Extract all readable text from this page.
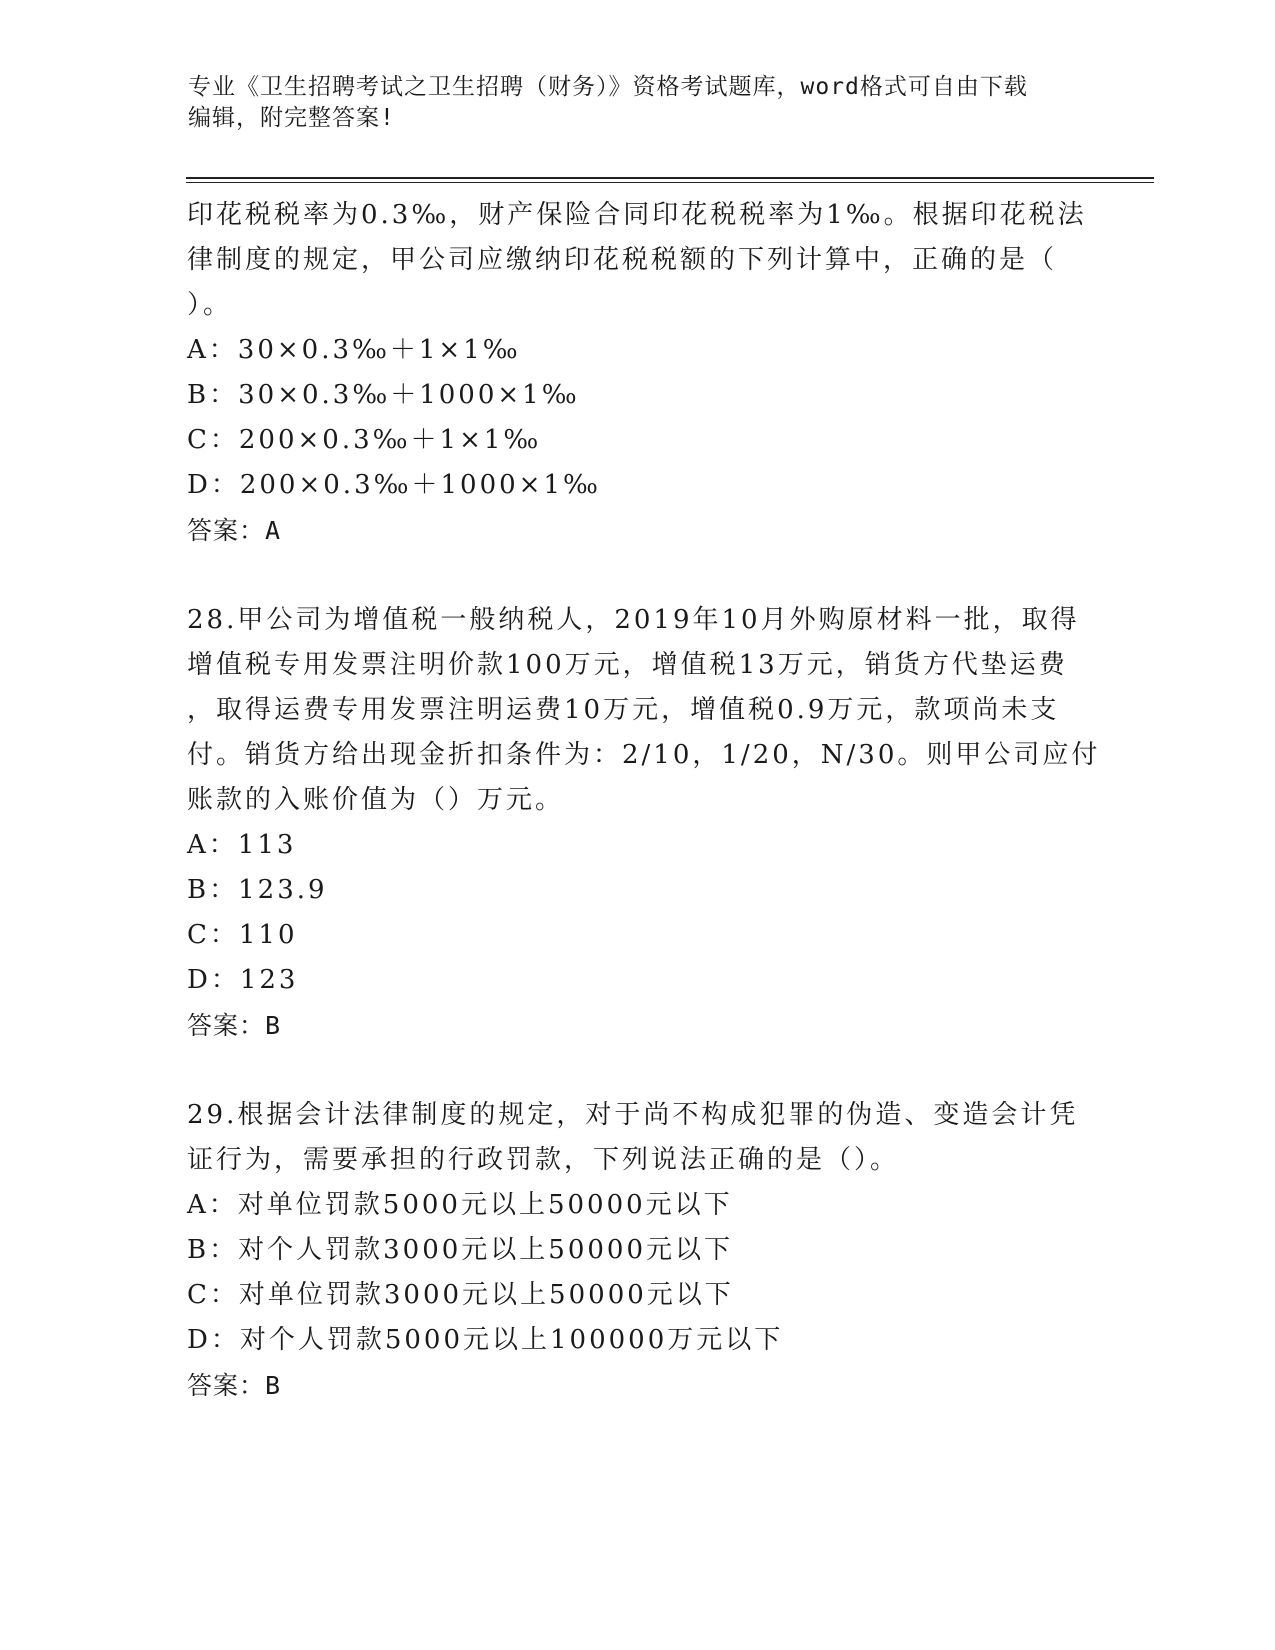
专业《卫生招聘考试之卫生招聘（财务）》资格考试题库，word格式可自由下载
编辑，附完整答案!
印花税税率为0.3‰，财产保险合同印花税税率为1‰。根据印花税法
律制度的规定，甲公司应缴纳印花税税额的下列计算中，正确的是（
）。
A：30×0.3‰＋1×1‰
B：30×0.3‰＋1000×1‰
C：200×0.3‰＋1×1‰
D：200×0.3‰＋1000×1‰
答案：A
28.甲公司为增值税一般纳税人，2019年10月外购原材料一批，取得
增值税专用发票注明价款100万元，增值税13万元，销货方代垫运费
，取得运费专用发票注明运费10万元，增值税0.9万元，款项尚未支
付。销货方给出现金折扣条件为：2/10，1/20，N/30。则甲公司应付
账款的入账价值为（）万元。
A：113
B：123.9
C：110
D：123
答案：B
29.根据会计法律制度的规定，对于尚不构成犯罪的伪造、变造会计凭
证行为，需要承担的行政罚款，下列说法正确的是（）。
A：对单位罚款5000元以上50000元以下
B：对个人罚款3000元以上50000元以下
C：对单位罚款3000元以上50000元以下
D：对个人罚款5000元以上100000万元以下
答案：B
